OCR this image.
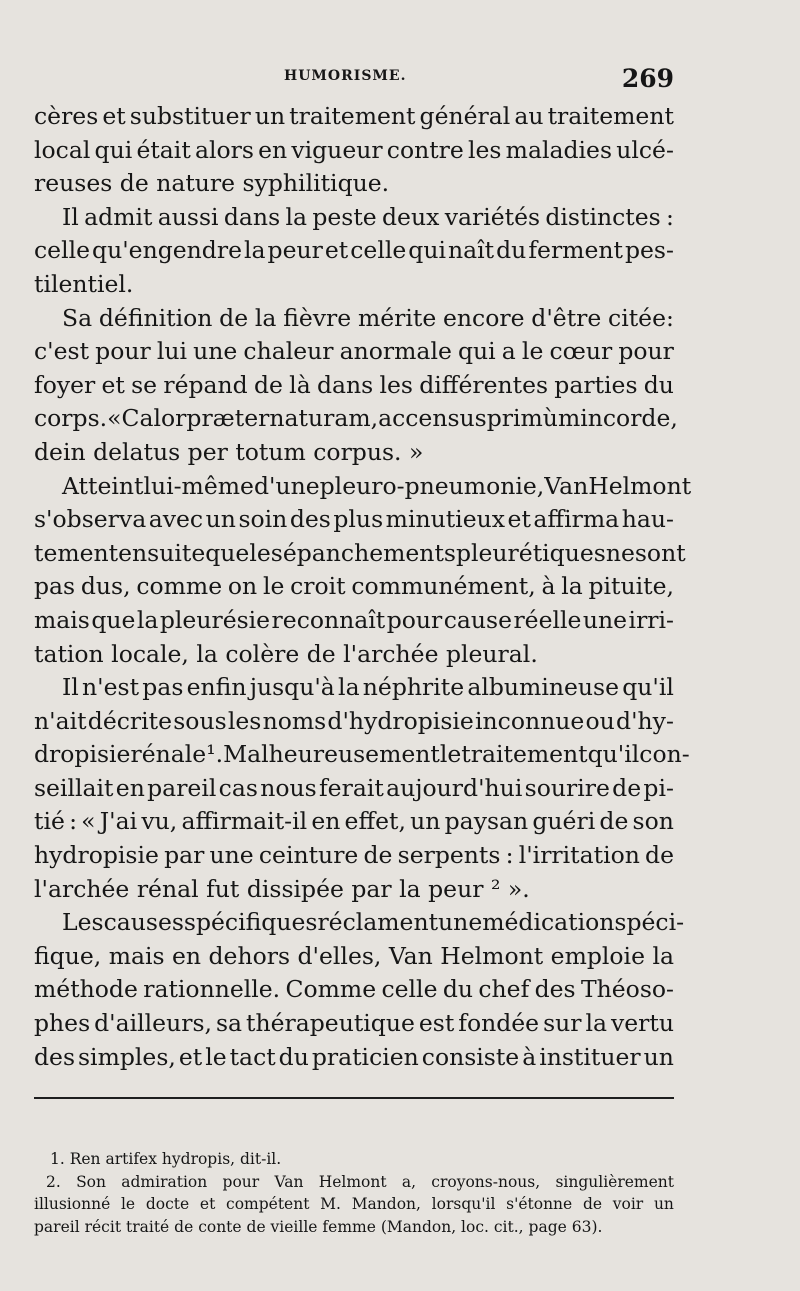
HUMORISME.	269
cères et substituer un traitement général au traitement
local qui était alors en vigueur contre les maladies ulcé-
reuses de nature syphilitique.
Il admit aussi dans la peste deux variétés distinctes :
celle qu'engendre la peur et celle qui naît du ferment pes-
tilentiel.
Sa définition de la fièvre mérite encore d'être citée:
c'est pour lui une chaleur anormale qui a le cœur pour
foyer et se répand de là dans les différentes parties du
corps. « Calor præter naturam, accensus primùm in corde,
dein delatus per totum corpus. »
Atteint lui-même d'une pleuro-pneumonie, Van Helmont
s'observa avec un soin des plus minutieux et affirma hau-
tement ensuite que les épanchements pleurétiques ne sont
pas dus, comme on le croit communément, à la pituite,
mais que la pleurésie reconnaît pour cause réelle une irri-
tation locale, la colère de l'archée pleural.
Il n'est pas enfin jusqu'à la néphrite albumineuse qu'il
n'ait décrite sous les noms d'hydropisie inconnue ou d'hy-
dropisie rénale ¹. Malheureusement le traitement qu'il con-
seillait en pareil cas nous ferait aujourd'hui sourire de pi-
tié : « J'ai vu, affirmait-il en effet, un paysan guéri de son
hydropisie par une ceinture de serpents : l'irritation de
l'archée rénal fut dissipée par la peur ² ».
Les causes spécifiques réclament une médication spéci-
fique, mais en dehors d'elles, Van Helmont emploie la
méthode rationnelle. Comme celle du chef des Théoso-
phes d'ailleurs, sa thérapeutique est fondée sur la vertu
des simples, et le tact du praticien consiste à instituer un
1. Ren artifex hydropis, dit-il.
2. Son admiration pour Van Helmont a, croyons-nous, singulièrement
illusionné le docte et compétent M. Mandon, lorsqu'il s'étonne de voir un
pareil récit traité de conte de vieille femme (Mandon, loc. cit., page 63).
